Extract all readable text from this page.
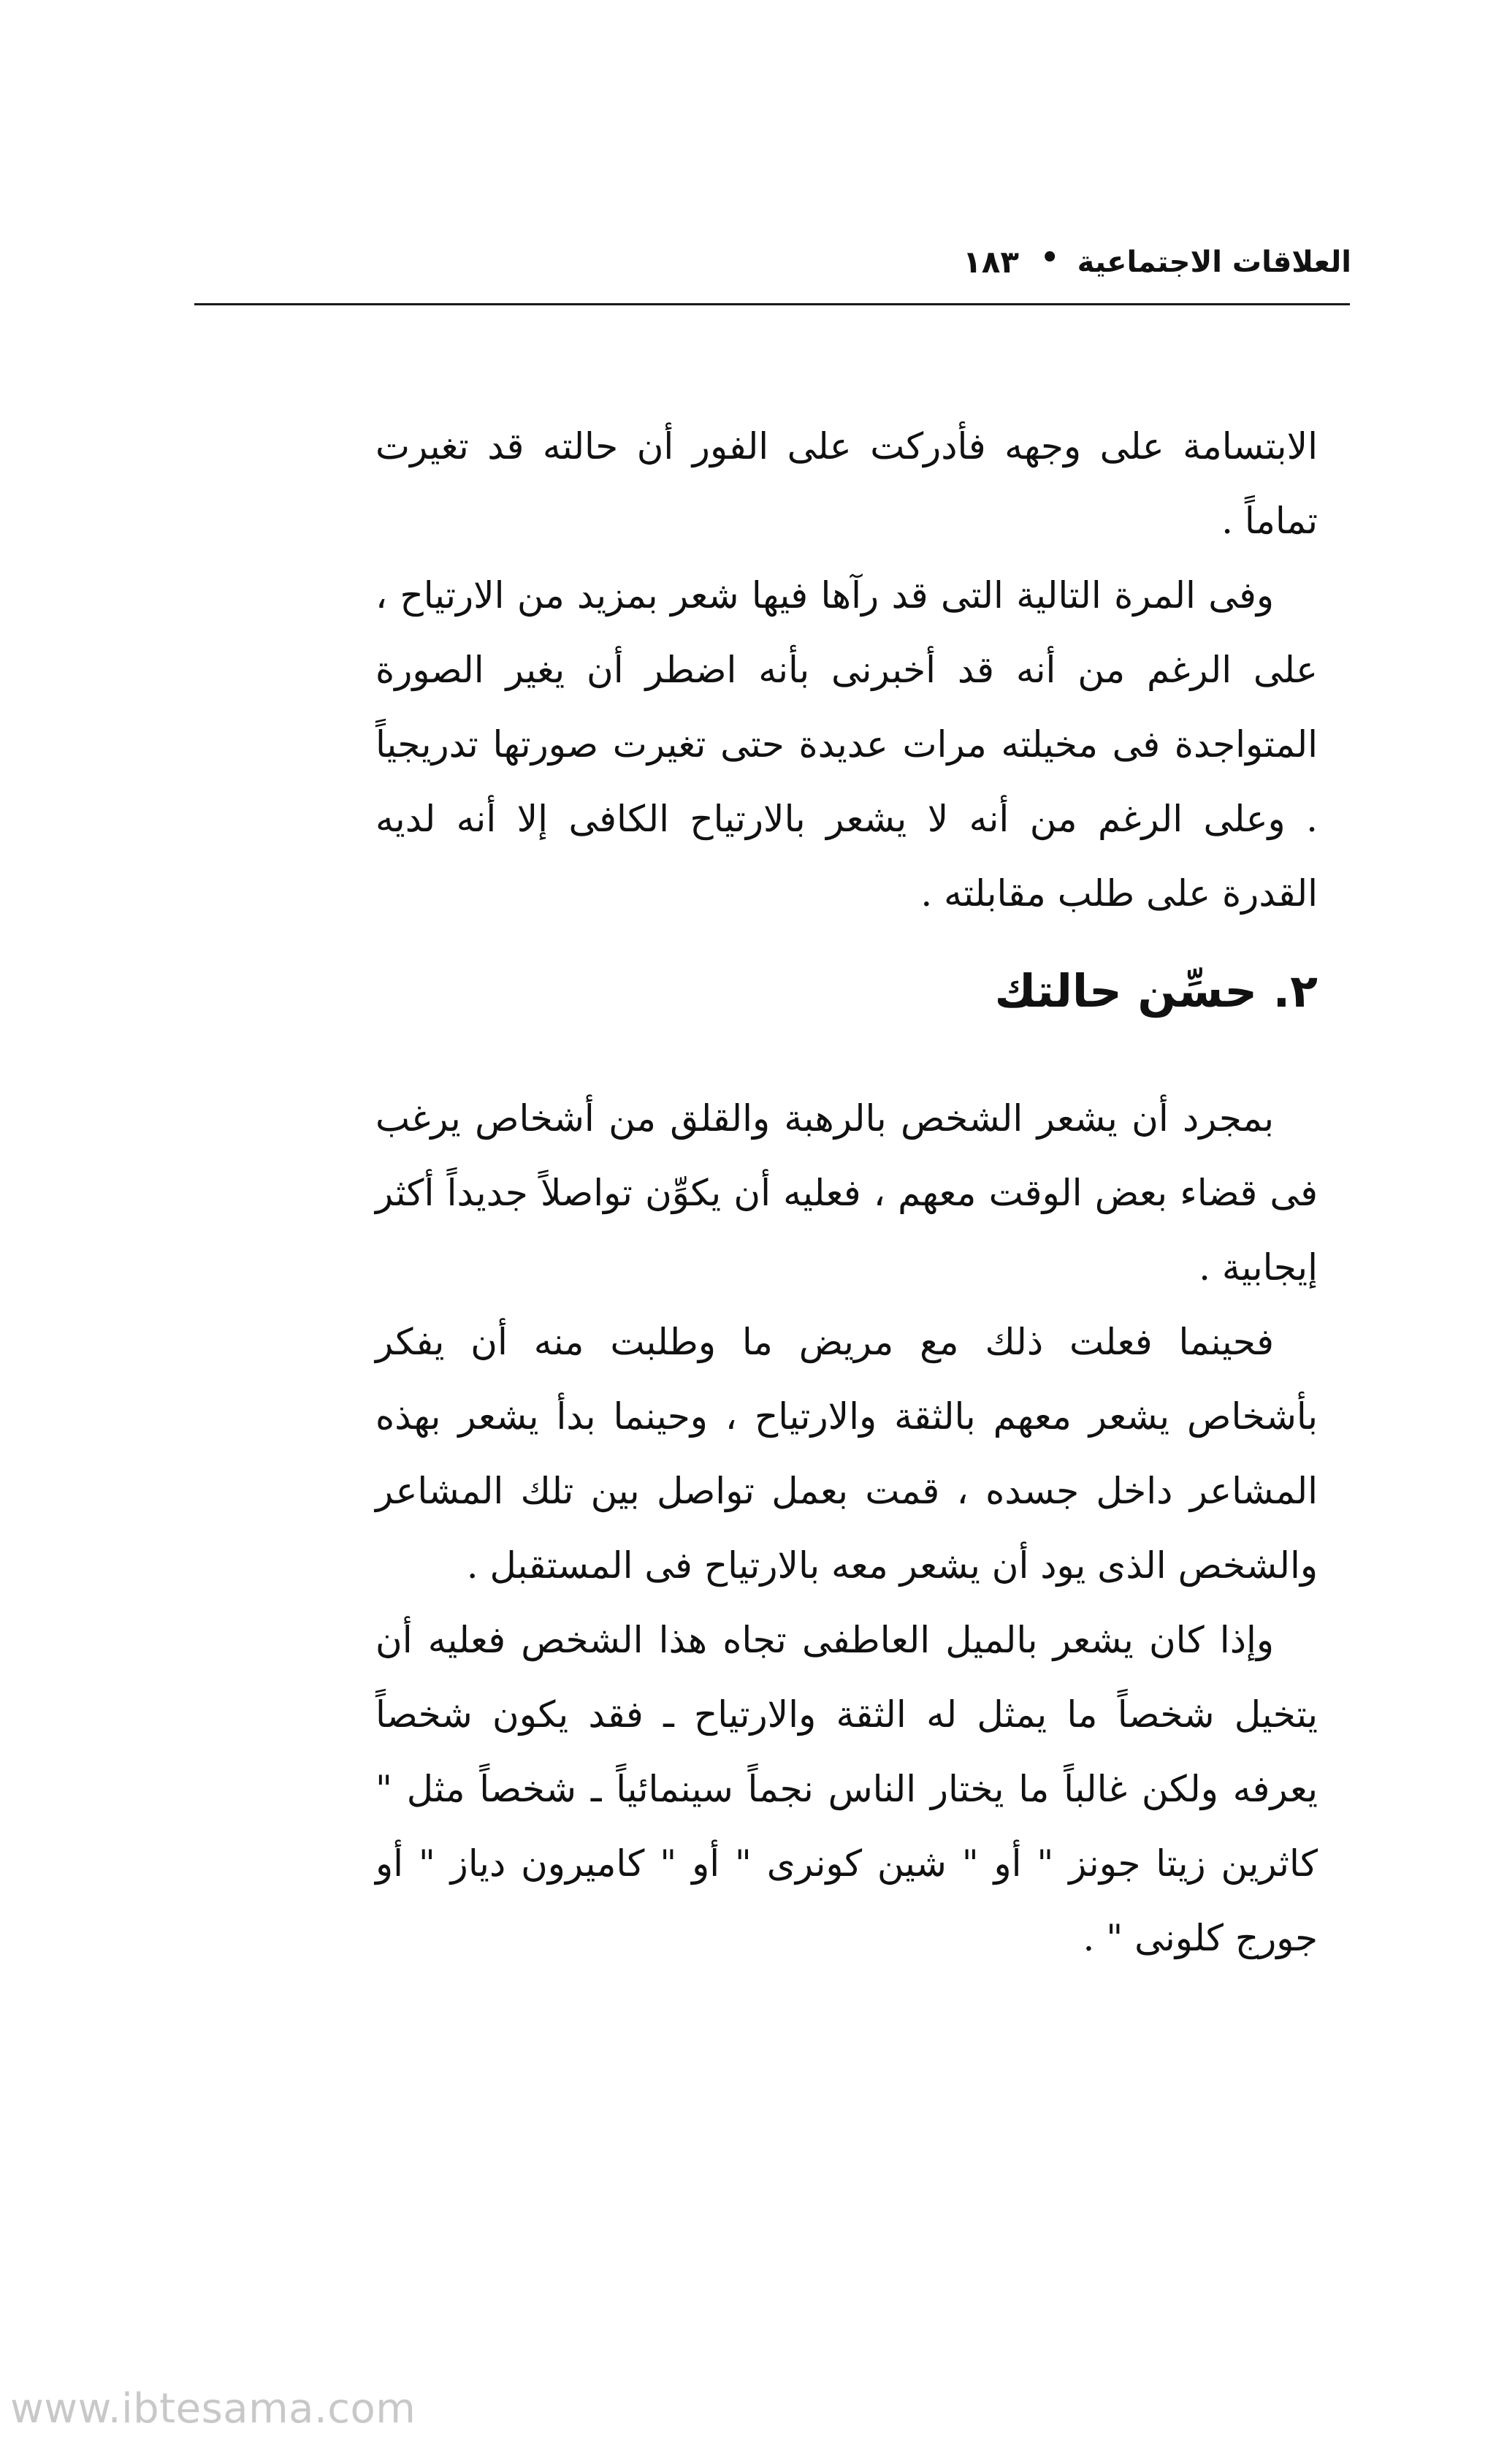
العلاقات الاجتماعية
•
١٨٣

الابتسامة على وجهه فأدركت على الفور أن حالته قد تغيرت تماماً .

وفى المرة التالية التى قد رآها فيها شعر بمزيد من الارتياح ، على الرغم من أنه قد أخبرنى بأنه اضطر أن يغير الصورة المتواجدة فى مخيلته مرات عديدة حتى تغيرت صورتها تدريجياً . وعلى الرغم من أنه لا يشعر بالارتياح الكافى إلا أنه لديه القدرة على طلب مقابلته .

٢. حسِّن حالتك

بمجرد أن يشعر الشخص بالرهبة والقلق من أشخاص يرغب فى قضاء بعض الوقت معهم ، فعليه أن يكوِّن تواصلاً جديداً أكثر إيجابية .

فحينما فعلت ذلك مع مريض ما وطلبت منه أن يفكر بأشخاص يشعر معهم بالثقة والارتياح ، وحينما بدأ يشعر بهذه المشاعر داخل جسده ، قمت بعمل تواصل بين تلك المشاعر والشخص الذى يود أن يشعر معه بالارتياح فى المستقبل .

وإذا كان يشعر بالميل العاطفى تجاه هذا الشخص فعليه أن يتخيل شخصاً ما يمثل له الثقة والارتياح ـ فقد يكون شخصاً يعرفه ولكن غالباً ما يختار الناس نجماً سينمائياً ـ شخصاً مثل " كاثرين زيتا جونز " أو " شين كونرى " أو " كاميرون دياز " أو جورج كلونى " .

www.ibtesama.com
